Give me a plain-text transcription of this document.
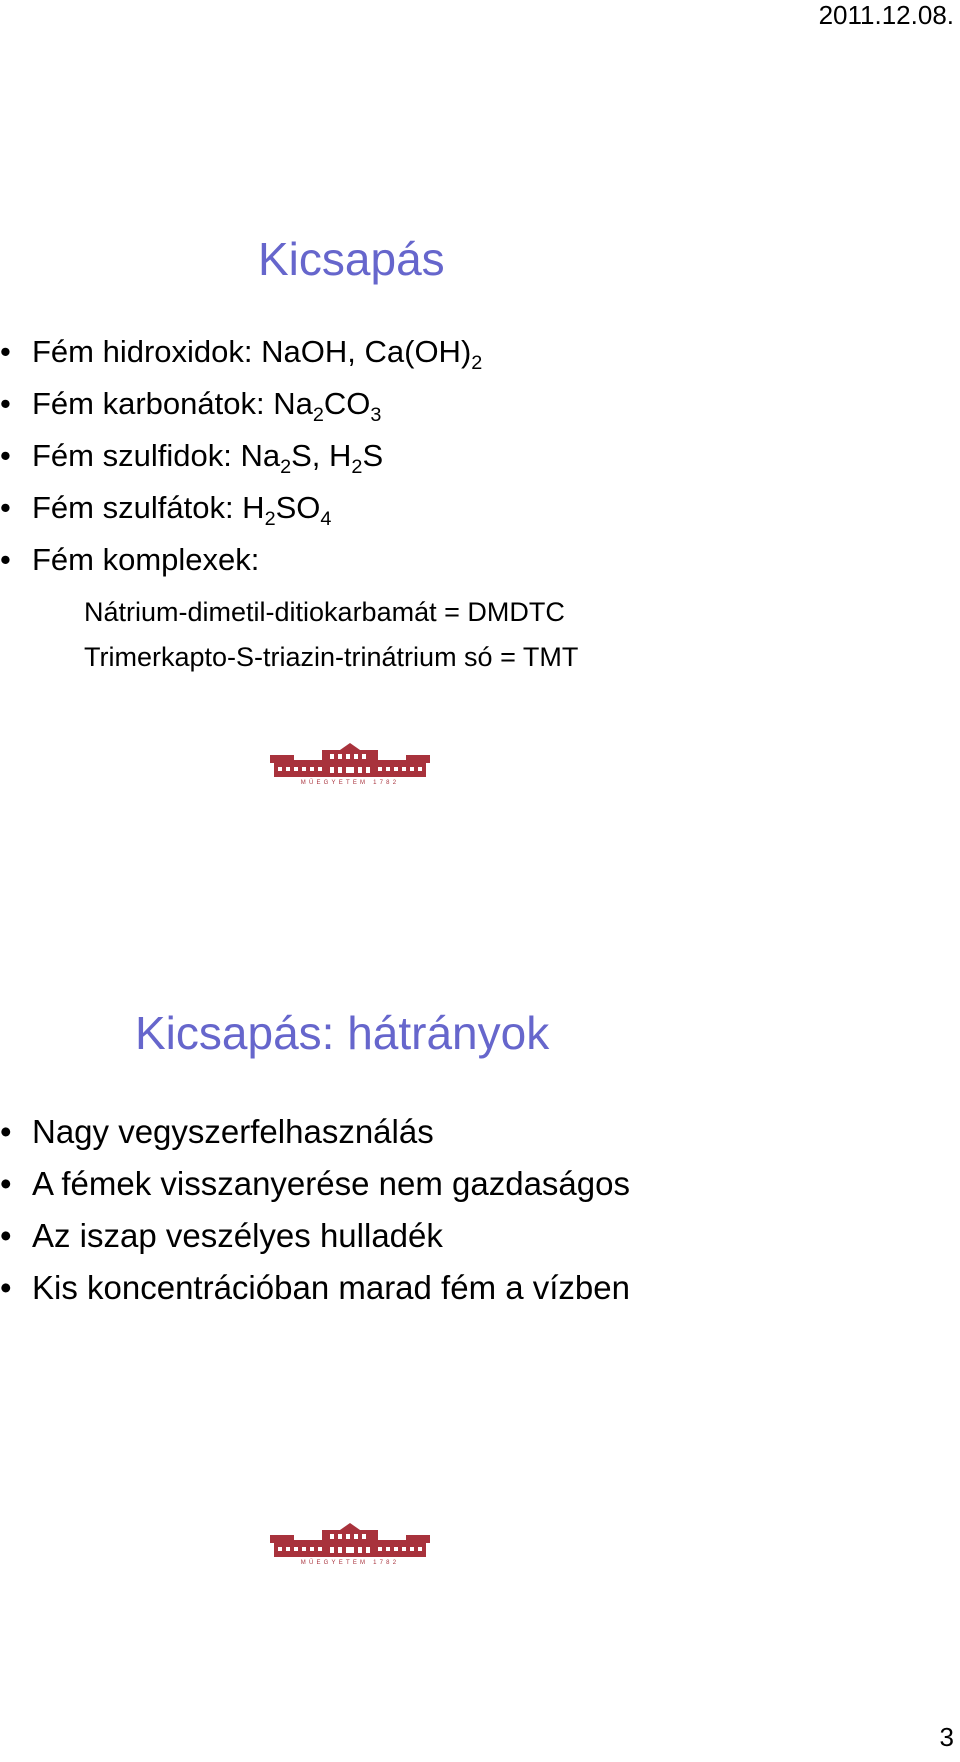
2011.12.08.
Kicsapás
• Fém hidroxidok: NaOH, $Ca(OH)_2$
• Fém karbonátok: $Na_2CO_3$
• Fém szulfidok: $Na_2S$, $H_2S$
• Fém szulfátok: $H_2SO_4$
• Fém komplexek:
Nátrium-dimetil-ditiokarbamát = DMDTC
Trimerkapto-S-triazin-trinátrium só = TMT
MŰEGYETEM 1782
Kicsapás: hátrányok
• Nagy vegyszerfelhasználás
• A fémek visszanyerése nem gazdaságos
• Az iszap veszélyes hulladék
• Kis koncentrációban marad fém a vízben
MŰEGYETEM 1782
3
